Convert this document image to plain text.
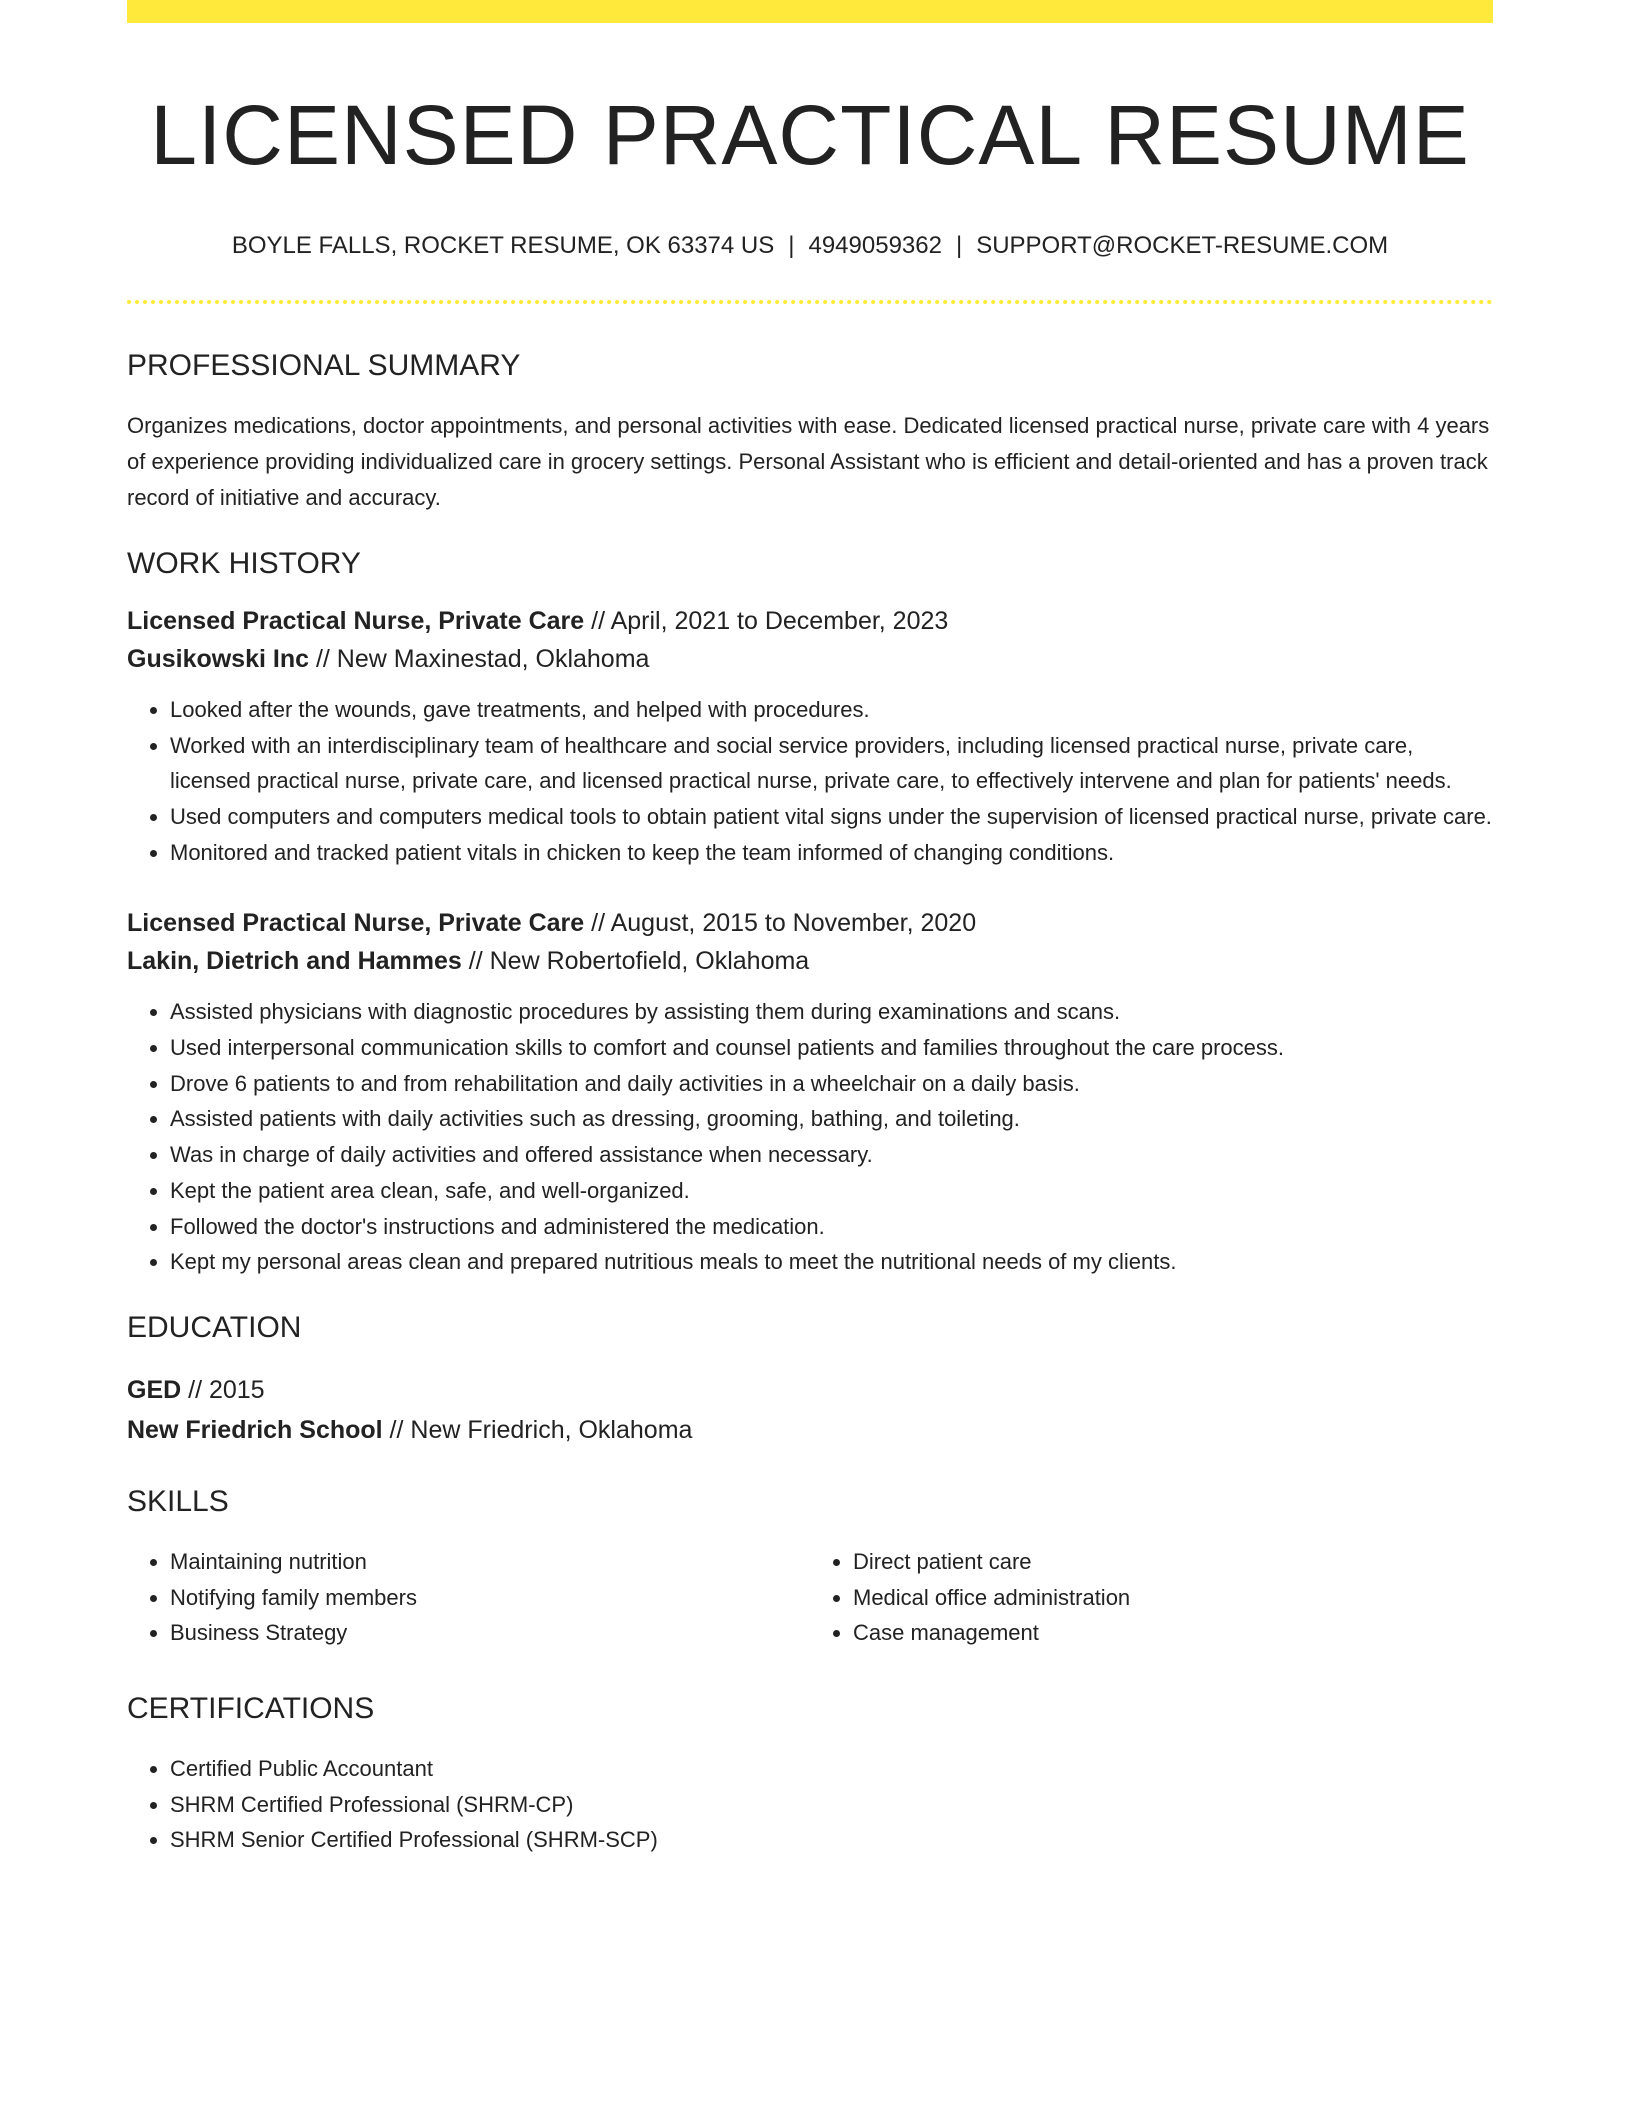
LICENSED PRACTICAL RESUME
BOYLE FALLS, ROCKET RESUME, OK 63374 US | 4949059362 | SUPPORT@ROCKET-RESUME.COM
PROFESSIONAL SUMMARY

Organizes medications, doctor appointments, and personal activities with ease. Dedicated licensed practical nurse, private care with 4 years of experience providing individualized care in grocery settings. Personal Assistant who is efficient and detail-oriented and has a proven track record of initiative and accuracy.

WORK HISTORY
Licensed Practical Nurse, Private Care // April, 2021 to December, 2023
Gusikowski Inc // New Maxinestad, Oklahoma
• Looked after the wounds, gave treatments, and helped with procedures.
• Worked with an interdisciplinary team of healthcare and social service providers, including licensed practical nurse, private care, licensed practical nurse, private care, and licensed practical nurse, private care, to effectively intervene and plan for patients' needs.
• Used computers and computers medical tools to obtain patient vital signs under the supervision of licensed practical nurse, private care.
• Monitored and tracked patient vitals in chicken to keep the team informed of changing conditions.
Licensed Practical Nurse, Private Care // August, 2015 to November, 2020
Lakin, Dietrich and Hammes // New Robertofield, Oklahoma
• Assisted physicians with diagnostic procedures by assisting them during examinations and scans.
• Used interpersonal communication skills to comfort and counsel patients and families throughout the care process.
• Drove 6 patients to and from rehabilitation and daily activities in a wheelchair on a daily basis.
• Assisted patients with daily activities such as dressing, grooming, bathing, and toileting.
• Was in charge of daily activities and offered assistance when necessary.
• Kept the patient area clean, safe, and well-organized.
• Followed the doctor's instructions and administered the medication.
• Kept my personal areas clean and prepared nutritious meals to meet the nutritional needs of my clients.
EDUCATION
GED // 2015
New Friedrich School // New Friedrich, Oklahoma
SKILLS
• Maintaining nutrition
• Notifying family members
• Business Strategy
• Direct patient care
• Medical office administration
• Case management
CERTIFICATIONS
• Certified Public Accountant
• SHRM Certified Professional (SHRM-CP)
• SHRM Senior Certified Professional (SHRM-SCP)
